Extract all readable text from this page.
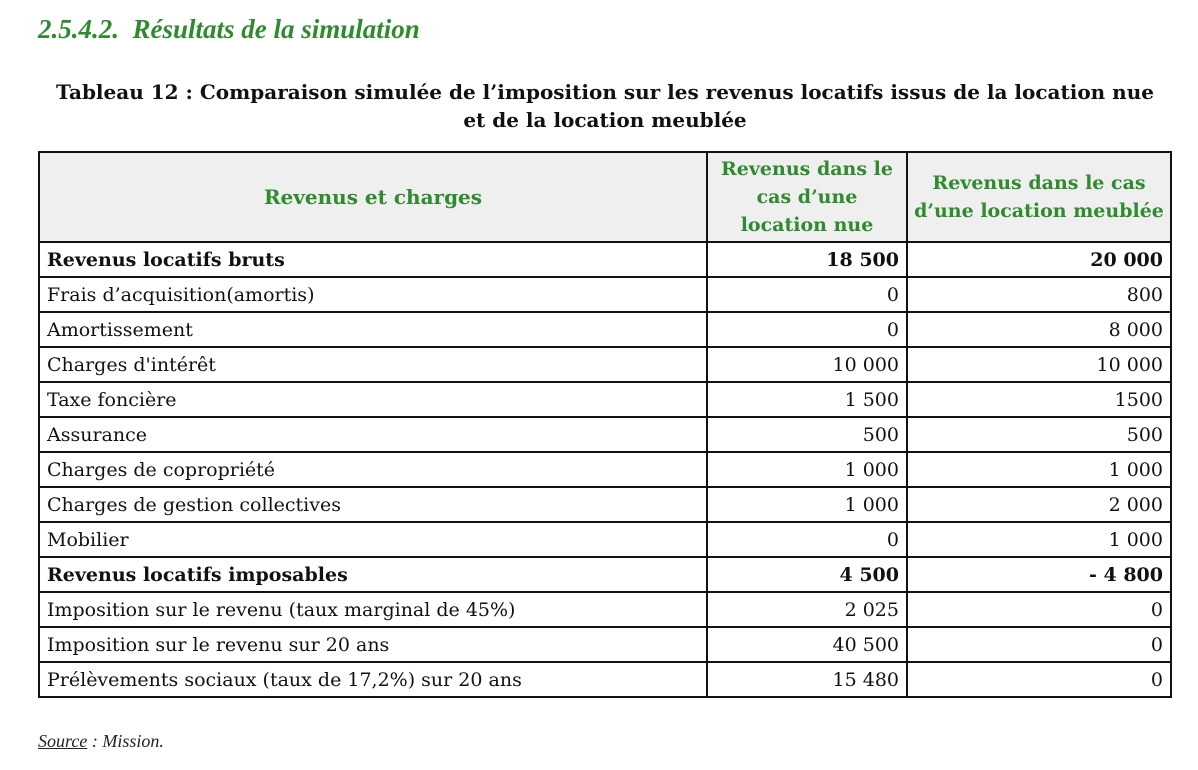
2.5.4.2. Résultats de la simulation
Tableau 12 : Comparaison simulée de l’imposition sur les revenus locatifs issus de la location nue
et de la location meublée
Revenus et charges	Revenus dans le cas d’une location nue	Revenus dans le cas d’une location meublée
Revenus locatifs bruts	18 500	20 000
Frais d’acquisition(amortis)	0	800
Amortissement	0	8 000
Charges d'intérêt	10 000	10 000
Taxe foncière	1 500	1500
Assurance	500	500
Charges de copropriété	1 000	1 000
Charges de gestion collectives	1 000	2 000
Mobilier	0	1 000
Revenus locatifs imposables	4 500	- 4 800
Imposition sur le revenu (taux marginal de 45%)	2 025	0
Imposition sur le revenu sur 20 ans	40 500	0
Prélèvements sociaux (taux de 17,2%) sur 20 ans	15 480	0
Source : Mission.
